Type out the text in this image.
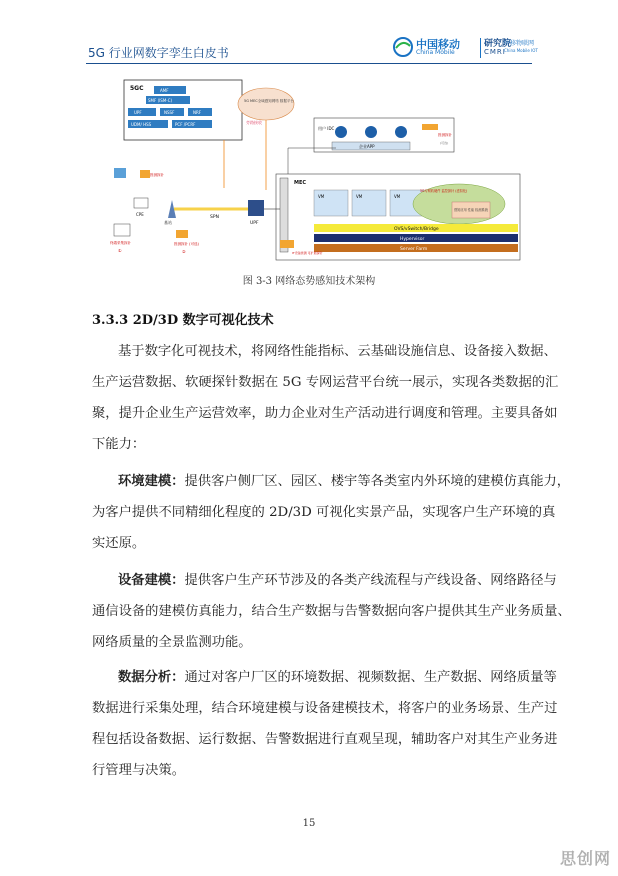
5G 行业网数字孪生白皮书
中国移动
China Mobile
研究院
CMRI
中移物联网
China Mobile IOT
5GC	AMF
SMF (ISM-C)
UPF	NSSF	NRF
UDM/ HSS	PCF /PCRF
5G MEC全域感知网络 数据平台
旁路接收
用户 IDC
企业APP
拨测探针
(可选)
MEC
VM	VM	VM
5G专网软硬件 监控探针 (虚拟化)
感知应用 性能 检测系统
OVS/vSwitch/Bridge
Hypervisor
Server Farm
SPN
UPF
基站
拨测探针
CPE
终端采集探针
①
拨测探针 (可选)
②	IT设备拨测 可扩展探针
图 3-3 网络态势感知技术架构
3.3.3 2D/3D 数字可视化技术
基于数字化可视技术，将网络性能指标、云基础设施信息、设备接入数据、
生产运营数据、软硬探针数据在 5G 专网运营平台统一展示，实现各类数据的汇
聚，提升企业生产运营效率，助力企业对生产活动进行调度和管理。主要具备如
下能力：
环境建模：提供客户侧厂区、园区、楼宇等各类室内外环境的建模仿真能力，
为客户提供不同精细化程度的 2D/3D 可视化实景产品，实现客户生产环境的真
实还原。
设备建模：提供客户生产环节涉及的各类产线流程与产线设备、网络路径与
通信设备的建模仿真能力，结合生产数据与告警数据向客户提供其生产业务质量、
网络质量的全景监测功能。
数据分析：通过对客户厂区的环境数据、视频数据、生产数据、网络质量等
数据进行采集处理，结合环境建模与设备建模技术，将客户的业务场景、生产过
程包括设备数据、运行数据、告警数据进行直观呈现，辅助客户对其生产业务进
行管理与决策。
15
思创网
